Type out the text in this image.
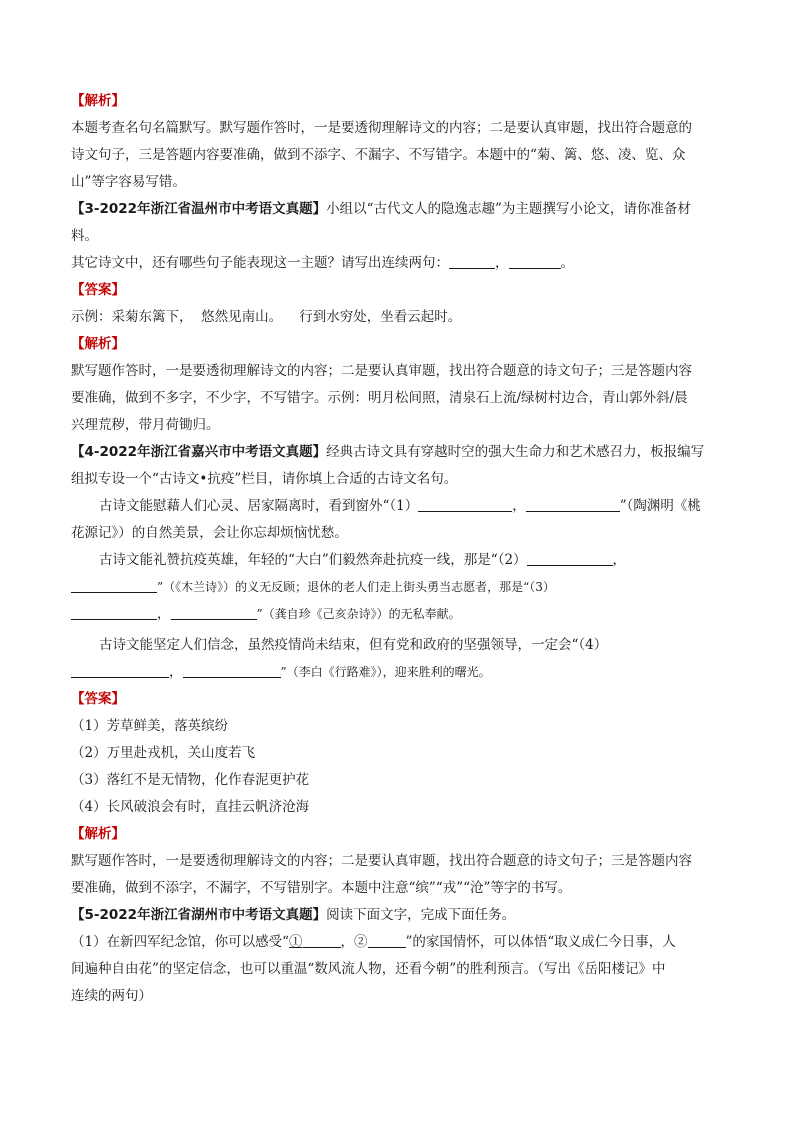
【解析】
本题考查名句名篇默写。默写题作答时，一是要透彻理解诗文的内容；二是要认真审题，找出符合题意的
诗文句子，三是答题内容要准确，做到不添字、不漏字、不写错字。本题中的“菊、篱、悠、凌、览、众
山”等字容易写错。
【3-2022年浙江省温州市中考语文真题】小组以“古代文人的隐逸志趣”为主题撰写小论文，请你准备材
料。
其它诗文中，还有哪些句子能表现这一主题？请写出连续两句：	，	。
【答案】
示例：采菊东篱下，  悠然见南山。    行到水穷处，坐看云起时。
【解析】
默写题作答时，一是要透彻理解诗文的内容；二是要认真审题，找出符合题意的诗文句子；三是答题内容
要准确，做到不多字，不少字，不写错字。示例：明月松间照，清泉石上流/绿树村边合，青山郭外斜/晨
兴理荒秽，带月荷锄归。
【4-2022年浙江省嘉兴市中考语文真题】经典古诗文具有穿越时空的强大生命力和艺术感召力，板报编写
组拟专设一个“古诗文•抗疫”栏目，请你填上合适的古诗文名句。
古诗文能慰藉人们心灵、居家隔离时，看到窗外“（1）	，	”（陶渊明《桃
花源记》）的自然美景，会让你忘却烦恼忧愁。
古诗文能礼赞抗疫英雄，年轻的“大白”们毅然奔赴抗疫一线，那是“（2）	，
”（《木兰诗》）的义无反顾；退休的老人们走上街头勇当志愿者，那是“（3）
，	”（龚自珍《己亥杂诗》）的无私奉献。
古诗文能坚定人们信念，虽然疫情尚未结束，但有党和政府的坚强领导，一定会“（4）
，	”（李白《行路难》），迎来胜利的曙光。
【答案】
（1）芳草鲜美，落英缤纷
（2）万里赴戎机，关山度若飞
（3）落红不是无情物，化作春泥更护花
（4）长风破浪会有时，直挂云帆济沧海
【解析】
默写题作答时，一是要透彻理解诗文的内容；二是要认真审题，找出符合题意的诗文句子；三是答题内容
要准确，做到不添字，不漏字，不写错别字。本题中注意“缤”“戎”“沧”等字的书写。
【5-2022年浙江省湖州市中考语文真题】阅读下面文字，完成下面任务。
（1）在新四军纪念馆，你可以感受“①	，②	”的家国情怀，可以体悟“取义成仁今日事，人
间遍种自由花”的坚定信念，也可以重温“数风流人物，还看今朝”的胜利预言。（写出《岳阳楼记》中
连续的两句）
